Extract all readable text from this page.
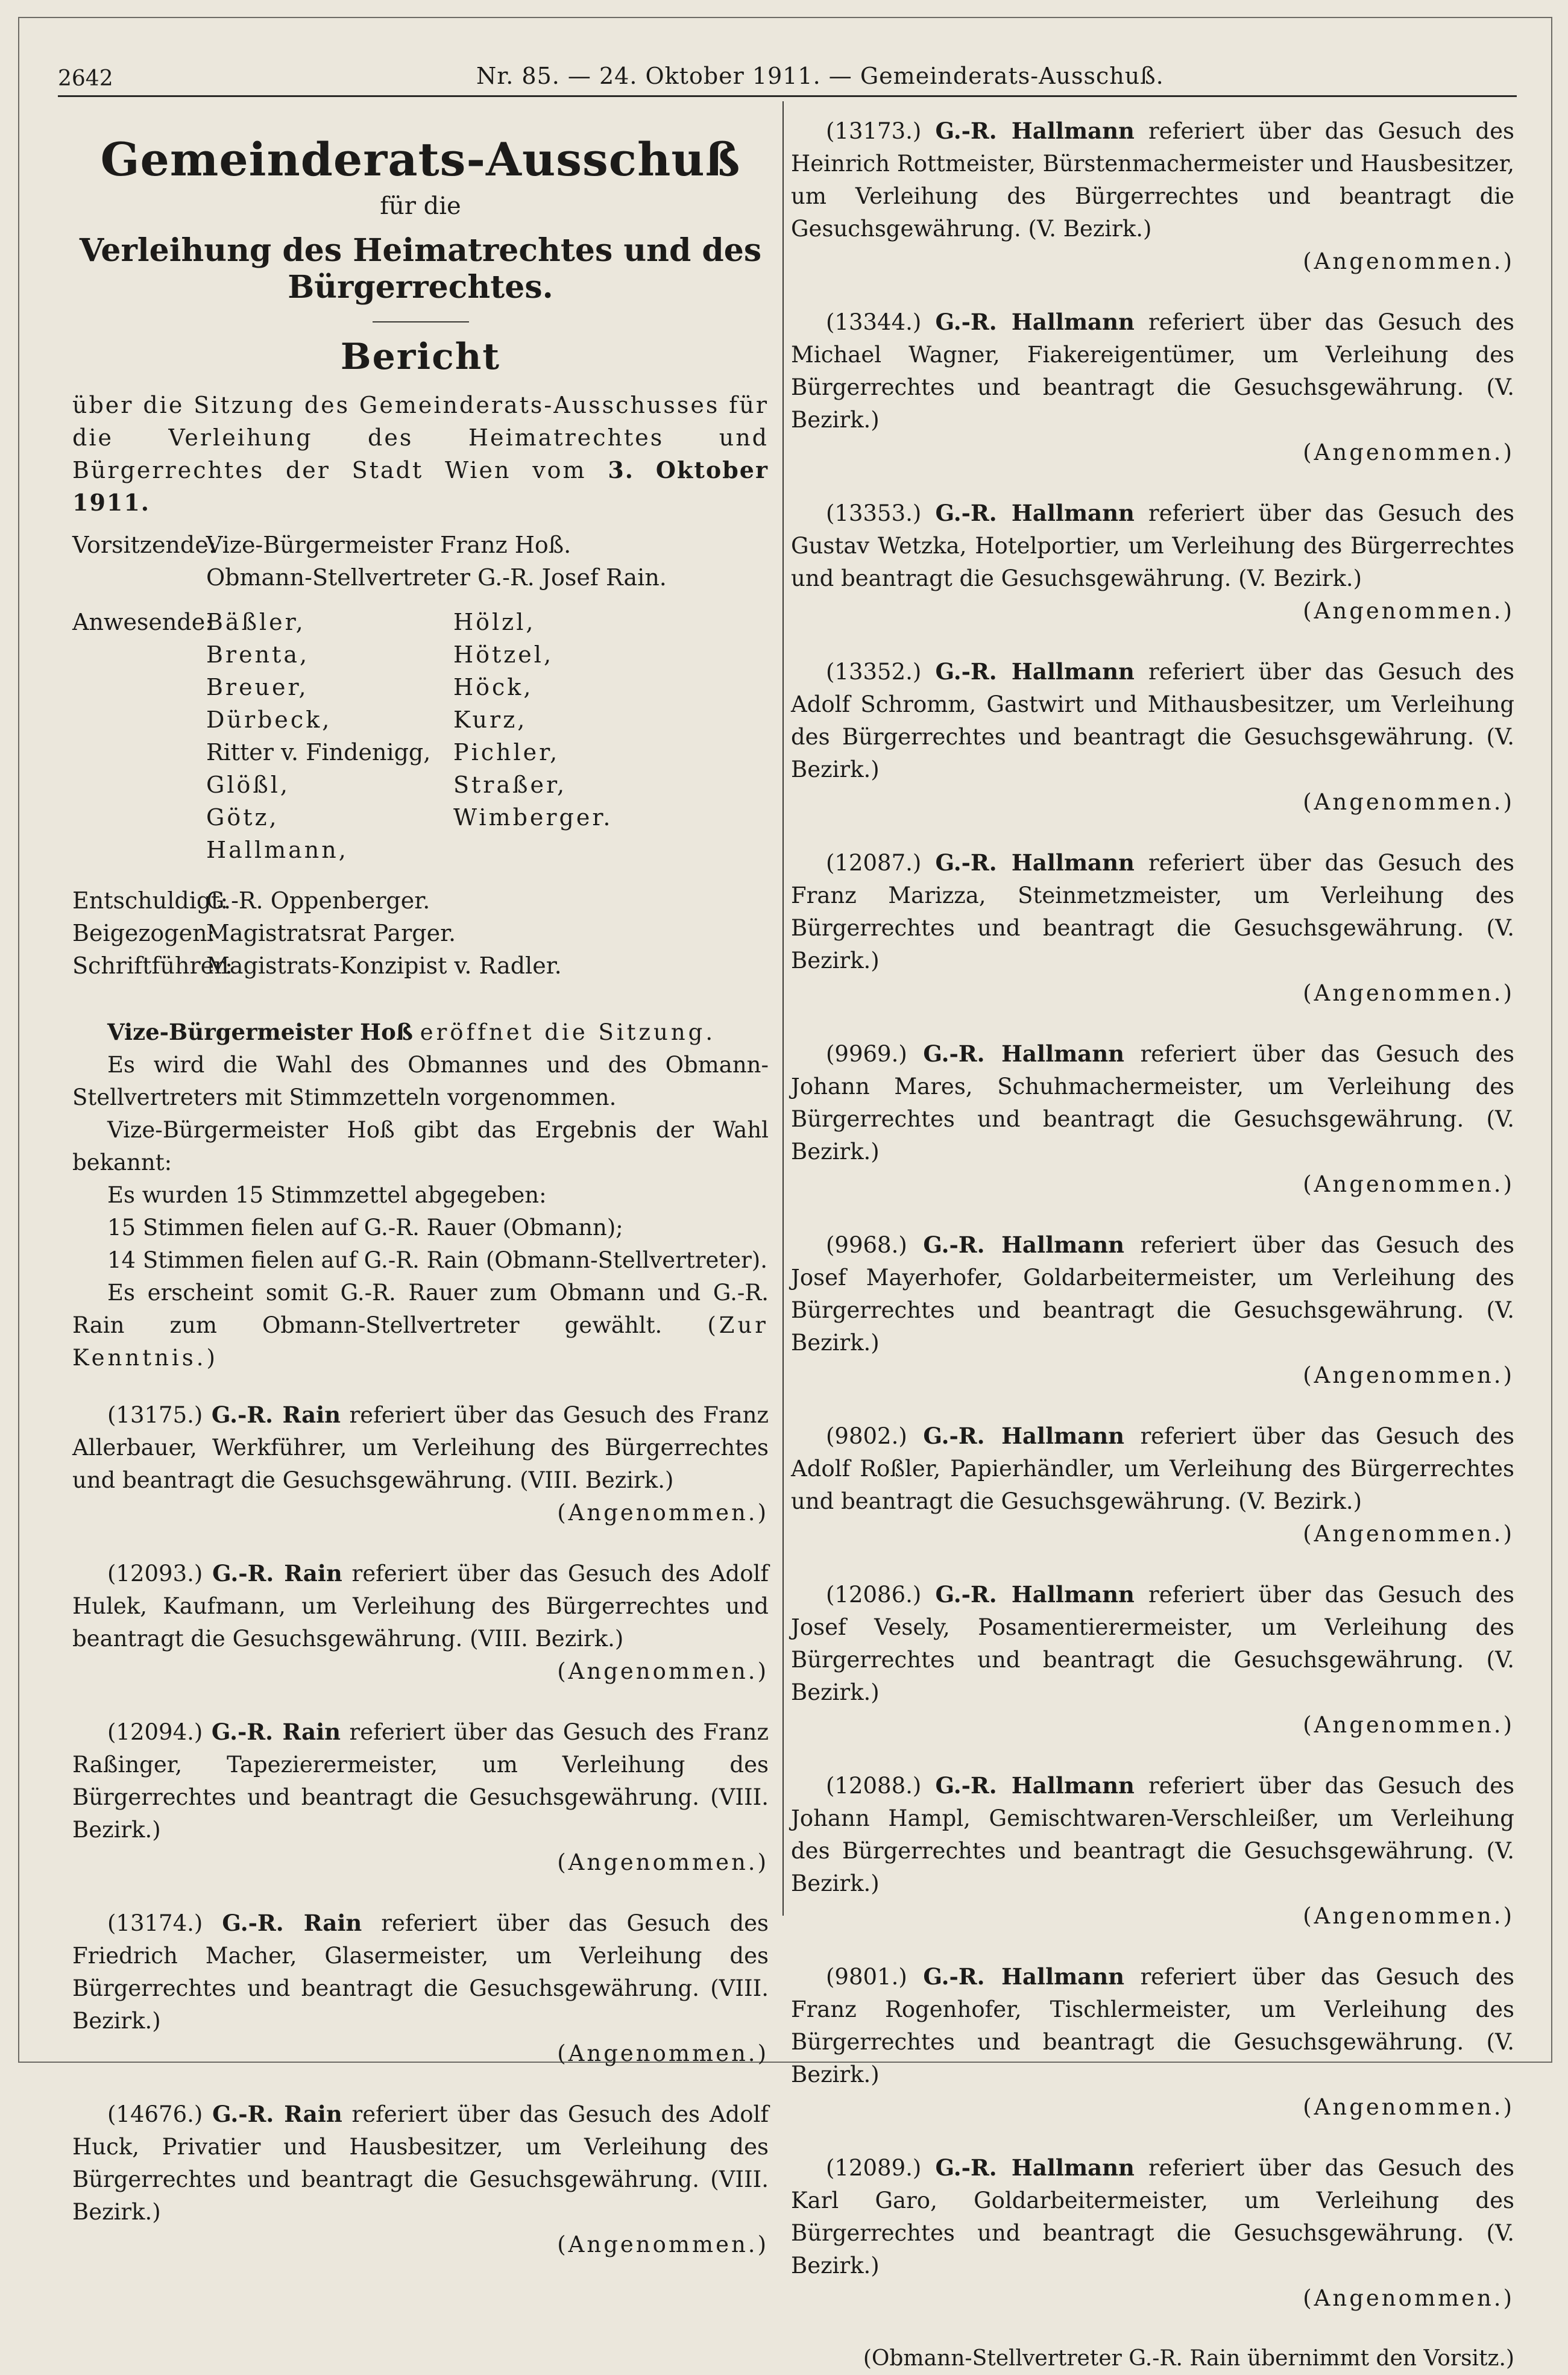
2642	Nr. 85. — 24. Oktober 1911. — Gemeinderats-Ausschuß.
Gemeinderats-Ausschuß
für die
Verleihung des Heimatrechtes und des Bürgerrechtes.
Bericht

über die Sitzung des Gemeinderats-Ausschusses für die Verleihung des Heimatrechtes und Bürgerrechtes der Stadt Wien vom 3. Oktober 1911.

Vorsitzende:Vize-Bürgermeister Franz Hoß.
Obmann-Stellvertreter G.-R. Josef Rain.
Anwesende:
Bäßler,
Brenta,
Breuer,
Dürbeck,
Ritter v. Findenigg,
Glößl,
Götz,
Hallmann,
Hölzl,
Hötzel,
Höck,
Kurz,
Pichler,
Straßer,
Wimberger.
Entschuldigt:G.-R. Oppenberger.
Beigezogen:Magistratsrat Parger.
Schriftführer:Magistrats-Konzipist v. Radler.

Vize-Bürgermeister Hoß eröffnet die Sitzung.

Es wird die Wahl des Obmannes und des Obmann-Stellvertreters mit Stimmzetteln vorgenommen.

Vize-Bürgermeister Hoß gibt das Ergebnis der Wahl bekannt:

Es wurden 15 Stimmzettel abgegeben:

15 Stimmen fielen auf G.-R. Rauer (Obmann);

14 Stimmen fielen auf G.-R. Rain (Obmann-Stellvertreter).

Es erscheint somit G.-R. Rauer zum Obmann und G.-R. Rain zum Obmann-Stellvertreter gewählt. (Zur Kenntnis.)

(13175.) G.-R. Rain referiert über das Gesuch des Franz Allerbauer, Werkführer, um Verleihung des Bürgerrechtes und beantragt die Gesuchsgewährung. (VIII. Bezirk.)

(Angenommen.)

(12093.) G.-R. Rain referiert über das Gesuch des Adolf Hulek, Kaufmann, um Verleihung des Bürgerrechtes und beantragt die Gesuchsgewährung. (VIII. Bezirk.)

(Angenommen.)

(12094.) G.-R. Rain referiert über das Gesuch des Franz Raßinger, Tapezierermeister, um Verleihung des Bürgerrechtes und beantragt die Gesuchsgewährung. (VIII. Bezirk.)

(Angenommen.)

(13174.) G.-R. Rain referiert über das Gesuch des Friedrich Macher, Glasermeister, um Verleihung des Bürgerrechtes und beantragt die Gesuchsgewährung. (VIII. Bezirk.)

(Angenommen.)

(14676.) G.-R. Rain referiert über das Gesuch des Adolf Huck, Privatier und Hausbesitzer, um Verleihung des Bürgerrechtes und beantragt die Gesuchsgewährung. (VIII. Bezirk.)

(Angenommen.)

(13173.) G.-R. Hallmann referiert über das Gesuch des Heinrich Rottmeister, Bürstenmachermeister und Hausbesitzer, um Verleihung des Bürgerrechtes und beantragt die Gesuchsgewährung. (V. Bezirk.)

(Angenommen.)

(13344.) G.-R. Hallmann referiert über das Gesuch des Michael Wagner, Fiakereigentümer, um Verleihung des Bürgerrechtes und beantragt die Gesuchsgewährung. (V. Bezirk.)

(Angenommen.)

(13353.) G.-R. Hallmann referiert über das Gesuch des Gustav Wetzka, Hotelportier, um Verleihung des Bürgerrechtes und beantragt die Gesuchsgewährung. (V. Bezirk.)

(Angenommen.)

(13352.) G.-R. Hallmann referiert über das Gesuch des Adolf Schromm, Gastwirt und Mithausbesitzer, um Verleihung des Bürgerrechtes und beantragt die Gesuchsgewährung. (V. Bezirk.)

(Angenommen.)

(12087.) G.-R. Hallmann referiert über das Gesuch des Franz Marizza, Steinmetzmeister, um Verleihung des Bürgerrechtes und beantragt die Gesuchsgewährung. (V. Bezirk.)

(Angenommen.)

(9969.) G.-R. Hallmann referiert über das Gesuch des Johann Mares, Schuhmachermeister, um Verleihung des Bürgerrechtes und beantragt die Gesuchsgewährung. (V. Bezirk.)

(Angenommen.)

(9968.) G.-R. Hallmann referiert über das Gesuch des Josef Mayerhofer, Goldarbeitermeister, um Verleihung des Bürgerrechtes und beantragt die Gesuchsgewährung. (V. Bezirk.)

(Angenommen.)

(9802.) G.-R. Hallmann referiert über das Gesuch des Adolf Roßler, Papierhändler, um Verleihung des Bürgerrechtes und beantragt die Gesuchsgewährung. (V. Bezirk.)

(Angenommen.)

(12086.) G.-R. Hallmann referiert über das Gesuch des Josef Vesely, Posamentierermeister, um Verleihung des Bürgerrechtes und beantragt die Gesuchsgewährung. (V. Bezirk.)

(Angenommen.)

(12088.) G.-R. Hallmann referiert über das Gesuch des Johann Hampl, Gemischtwaren-Verschleißer, um Verleihung des Bürgerrechtes und beantragt die Gesuchsgewährung. (V. Bezirk.)

(Angenommen.)

(9801.) G.-R. Hallmann referiert über das Gesuch des Franz Rogenhofer, Tischlermeister, um Verleihung des Bürgerrechtes und beantragt die Gesuchsgewährung. (V. Bezirk.)

(Angenommen.)

(12089.) G.-R. Hallmann referiert über das Gesuch des Karl Garo, Goldarbeitermeister, um Verleihung des Bürgerrechtes und beantragt die Gesuchsgewährung. (V. Bezirk.)

(Angenommen.)
(Obmann-Stellvertreter G.-R. Rain übernimmt den Vorsitz.)
